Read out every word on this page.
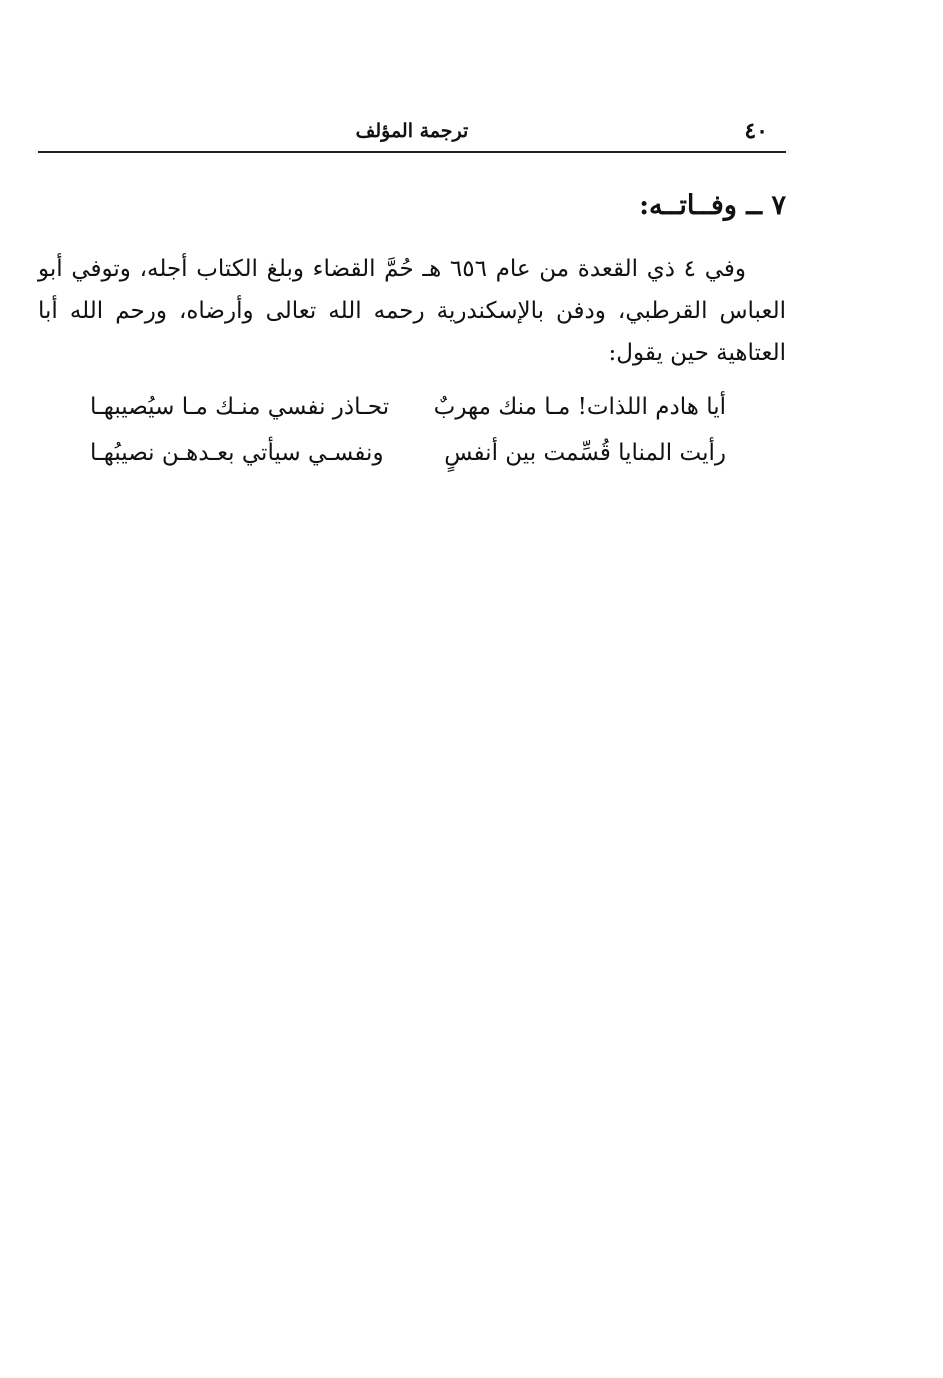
٤٠
ترجمة المؤلف
٧ ــ وفــاتــه:

وفي ٤ ذي القعدة من عام ٦٥٦ هـ حُمَّ القضاء وبلغ الكتاب أجله، وتوفي أبو العباس القرطبي، ودفن بالإسكندرية رحمه الله تعالى وأرضاه، ورحم الله أبا العتاهية حين يقول:

أيا هادم اللذات! مـا منك مهربٌ
تحـاذر نفسي منـك مـا سيُصيبهـا
رأيت المنايا قُسِّمت بين أنفسٍ
ونفسـي سيأتي بعـدهـن نصيبُهـا
